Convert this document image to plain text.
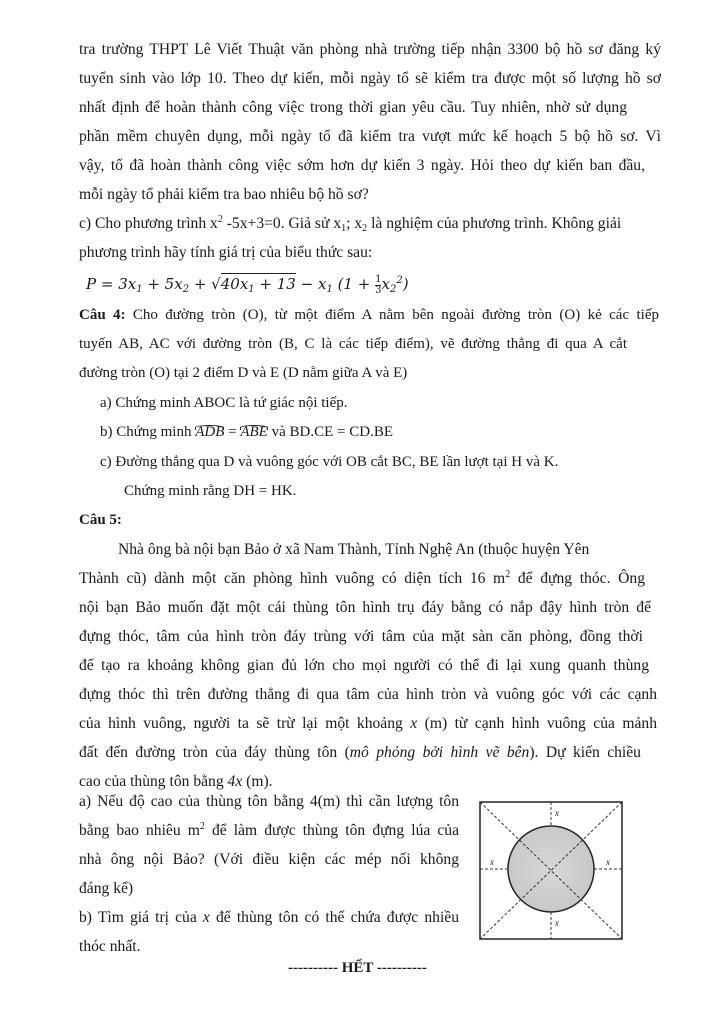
tra trường THPT Lê Viết Thuật văn phòng nhà trường tiếp nhận 3300 bộ hồ sơ đăng ký
tuyển sinh vào lớp 10. Theo dự kiến, mỗi ngày tổ sẽ kiểm tra được một số lượng hồ sơ
nhất định để hoàn thành công việc trong thời gian yêu cầu. Tuy nhiên, nhờ sử dụng
phần mềm chuyên dụng, mỗi ngày tổ đã kiểm tra vượt mức kế hoạch 5 bộ hồ sơ. Vì
vậy, tổ đã hoàn thành công việc sớm hơn dự kiến 3 ngày. Hỏi theo dự kiến ban đầu,
mỗi ngày tổ phải kiểm tra bao nhiêu bộ hồ sơ?
c) Cho phương trình $x^2$ -5x+3=0. Giả sử $x_1$; $x_2$ là nghiệm của phương trình. Không giải
phương trình hãy tính giá trị của biểu thức sau:
$P = 3x_1 + 5x_2 + √40x_1 + 13 - x_1$ $(1 + \frac{1}{3} x_2^2)$
Câu 4: Cho đường tròn (O), từ một điểm A nằm bên ngoài đường tròn (O) kẻ các tiếp
tuyến AB, AC với đường tròn (B, C là các tiếp điểm), vẽ đường thẳng đi qua A cắt
đường tròn (O) tại 2 điểm D và E (D nằm giữa A và E)
a) Chứng minh ABOC là tứ giác nội tiếp.
b) Chứng minh ADB = ABE và BD.CE = CD.BE
c) Đường thẳng qua D và vuông góc với OB cắt BC, BE lần lượt tại H và K.
Chứng minh rằng DH = HK.
Câu 5:
Nhà ông bà nội bạn Bảo ở xã Nam Thành, Tỉnh Nghệ An (thuộc huyện Yên
Thành cũ) dành một căn phòng hình vuông có diện tích 16 $m^2$ để đựng thóc. Ông
nội bạn Bảo muốn đặt một cái thùng tôn hình trụ đáy bằng có nắp đậy hình tròn để
đựng thóc, tâm của hình tròn đáy trùng với tâm của mặt sàn căn phòng, đồng thời
để tạo ra khoảng không gian đủ lớn cho mọi người có thể đi lại xung quanh thùng
đựng thóc thì trên đường thẳng đi qua tâm của hình tròn và vuông góc với các cạnh
của hình vuông, người ta sẽ trừ lại một khoảng x (m) từ cạnh hình vuông của mảnh
đất đến đường tròn của đáy thùng tôn (mô phỏng bởi hình vẽ bên). Dự kiến chiều
cao của thùng tôn bằng 4x (m).
a) Nếu độ cao của thùng tôn bằng 4(m) thì cần lượng tôn
bằng bao nhiêu $m^2$ để làm được thùng tôn đựng lúa của
nhà ông nội Bảo? (Với điều kiện các mép nối không
đáng kể)
b) Tìm giá trị của x để thùng tôn có thể chứa được nhiều
thóc nhất.
x
x
x	x
---------- HẾT ----------
